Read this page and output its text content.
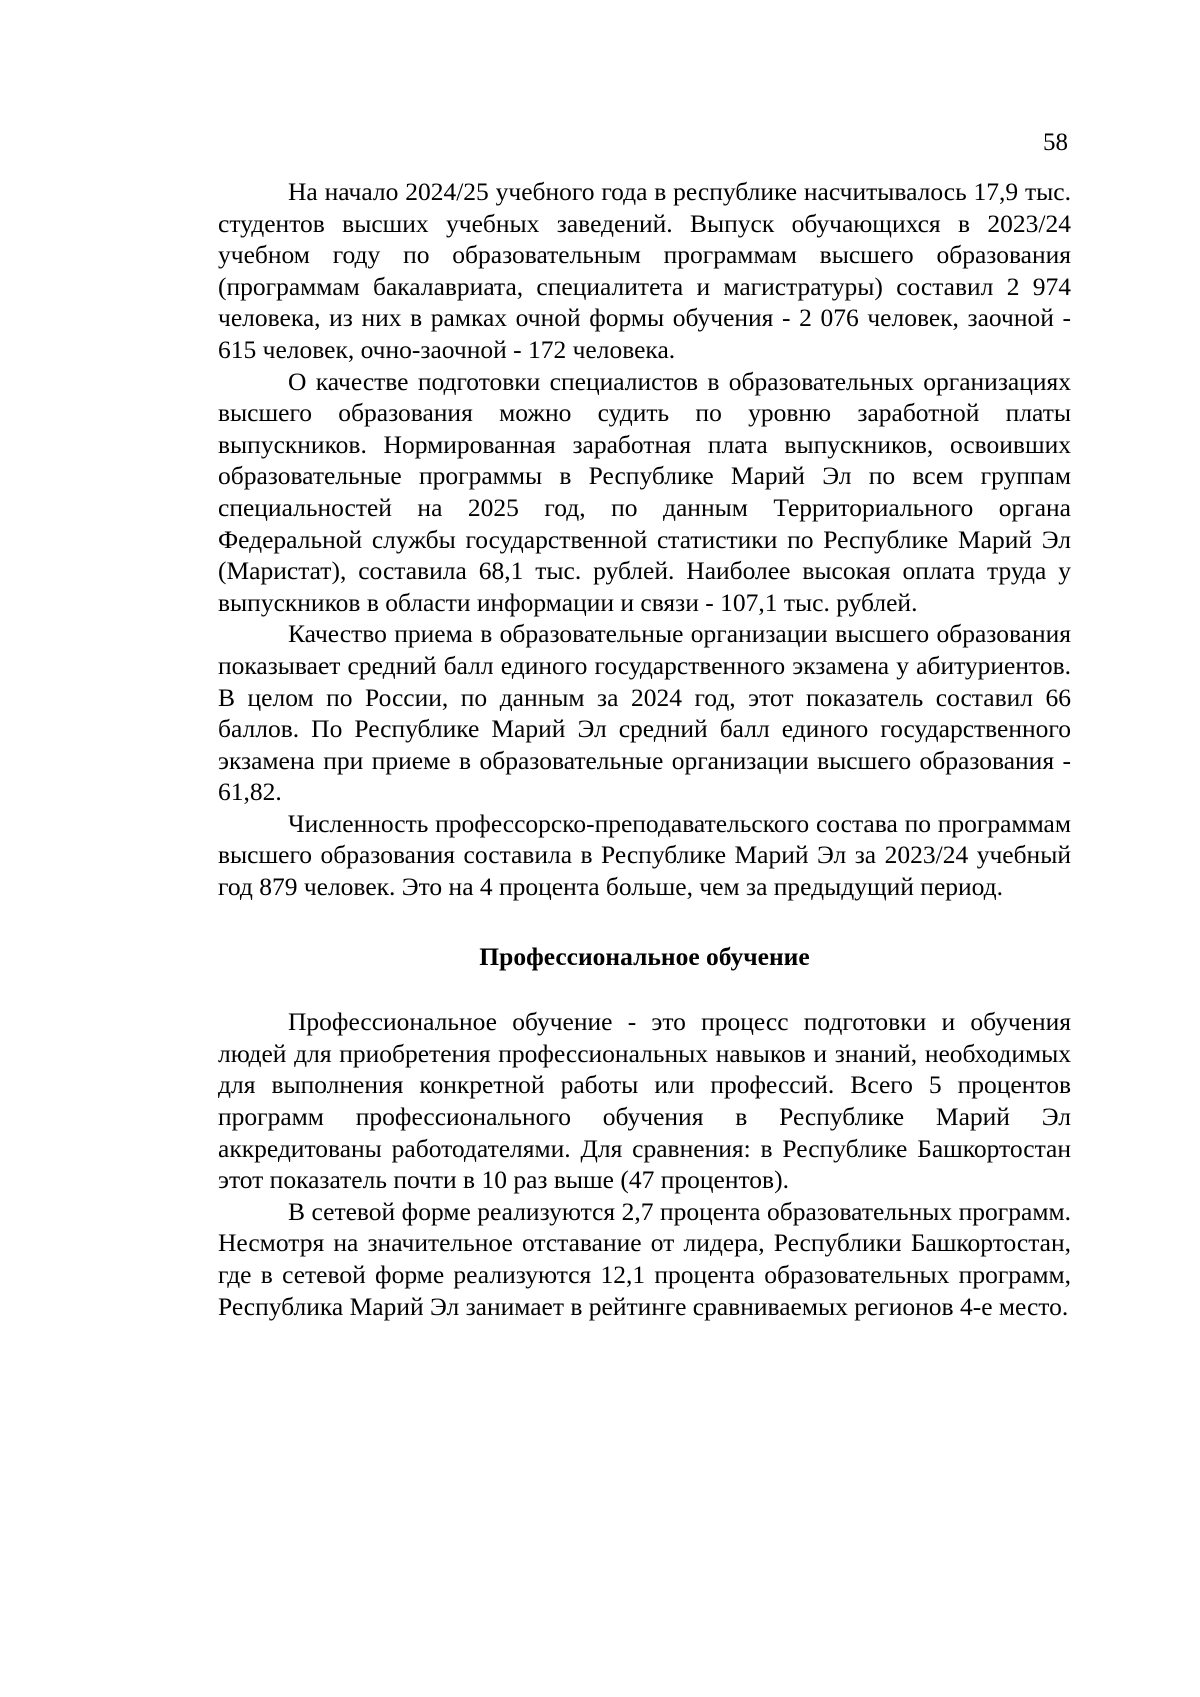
58

На начало 2024/25 учебного года в республике насчитывалось 17,9 тыс. студентов высших учебных заведений. Выпуск обучающихся в 2023/24 учебном году по образовательным программам высшего образования (программам бакалавриата, специалитета и магистратуры) составил 2 974 человека, из них в рамках очной формы обучения - 2 076 человек, заочной - 615 человек, очно-заочной - 172 человека.

О качестве подготовки специалистов в образовательных организациях высшего образования можно судить по уровню заработной платы выпускников. Нормированная заработная плата выпускников, освоивших образовательные программы в Республике Марий Эл по всем группам специальностей на 2025 год, по данным Территориального органа Федеральной службы государственной статистики по Республике Марий Эл (Маристат), составила 68,1 тыс. рублей. Наиболее высокая оплата труда у выпускников в области информации и связи - 107,1 тыс. рублей.

Качество приема в образовательные организации высшего образования показывает средний балл единого государственного экзамена у абитуриентов. В целом по России, по данным за 2024 год, этот показатель составил 66 баллов. По Республике Марий Эл средний балл единого государственного экзамена при приеме в образовательные организации высшего образования - 61,82.

Численность профессорско-преподавательского состава по программам высшего образования составила в Республике Марий Эл за 2023/24 учебный год 879 человек. Это на 4 процента больше, чем за предыдущий период.

Профессиональное обучение

Профессиональное обучение - это процесс подготовки и обучения людей для приобретения профессиональных навыков и знаний, необходимых для выполнения конкретной работы или профессий. Всего 5 процентов программ профессионального обучения в Республике Марий Эл аккредитованы работодателями. Для сравнения: в Республике Башкортостан этот показатель почти в 10 раз выше (47 процентов).

В сетевой форме реализуются 2,7 процента образовательных программ. Несмотря на значительное отставание от лидера, Республики Башкортостан, где в сетевой форме реализуются 12,1 процента образовательных программ, Республика Марий Эл занимает в рейтинге сравниваемых регионов 4-е место.
